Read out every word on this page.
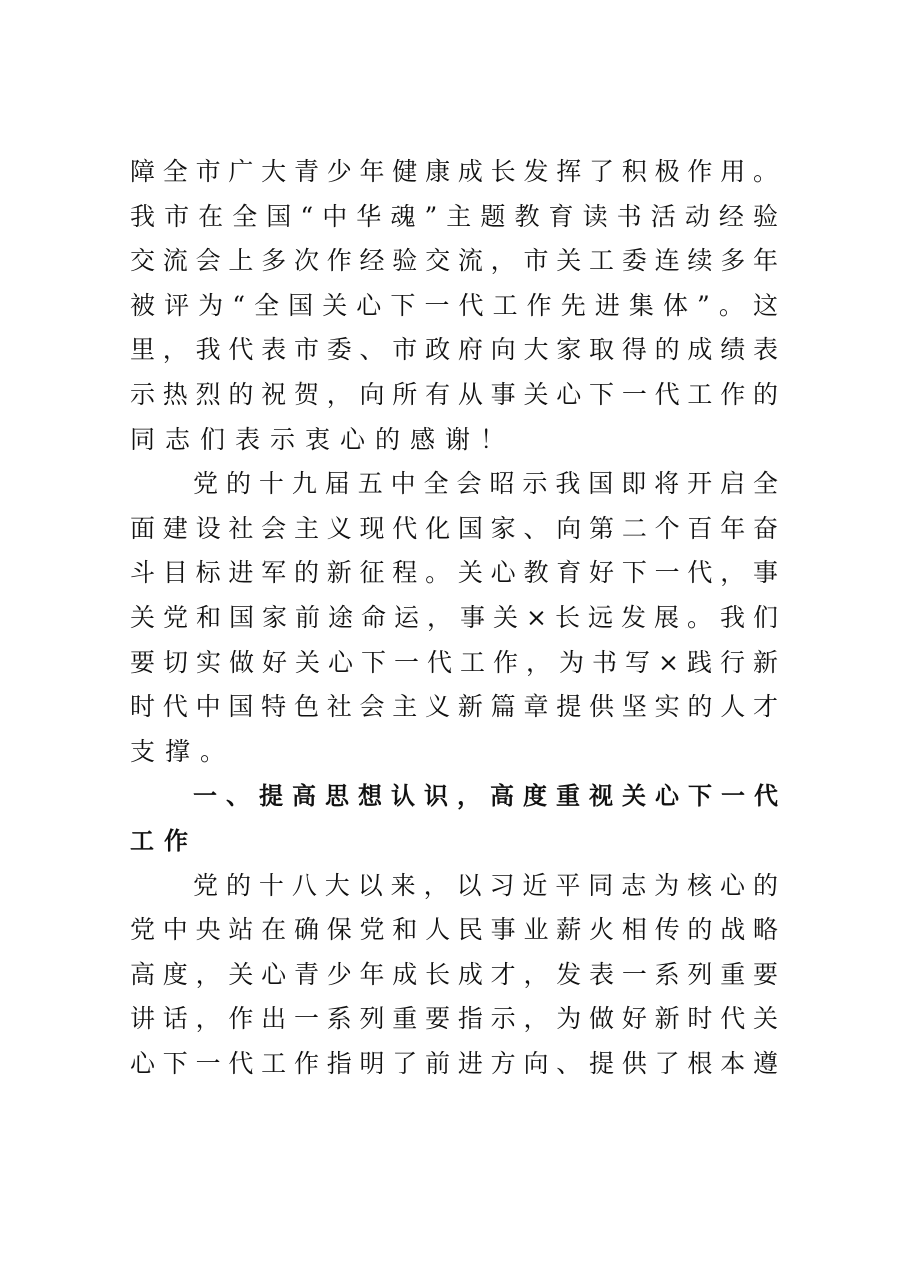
障全市广大青少年健康成长发挥了积极作用。
我市在全国“中华魂”主题教育读书活动经验
交流会上多次作经验交流，市关工委连续多年
被评为“全国关心下一代工作先进集体”。这
里，我代表市委、市政府向大家取得的成绩表
示热烈的祝贺，向所有从事关心下一代工作的
同志们表示衷心的感谢！
党的十九届五中全会昭示我国即将开启全
面建设社会主义现代化国家、向第二个百年奋
斗目标进军的新征程。关心教育好下一代，事
关党和国家前途命运，事关×长远发展。我们
要切实做好关心下一代工作，为书写×践行新
时代中国特色社会主义新篇章提供坚实的人才
支撑。
一、提高思想认识，高度重视关心下一代
工作
党的十八大以来，以习近平同志为核心的
党中央站在确保党和人民事业薪火相传的战略
高度，关心青少年成长成才，发表一系列重要
讲话，作出一系列重要指示，为做好新时代关
心下一代工作指明了前进方向、提供了根本遵
